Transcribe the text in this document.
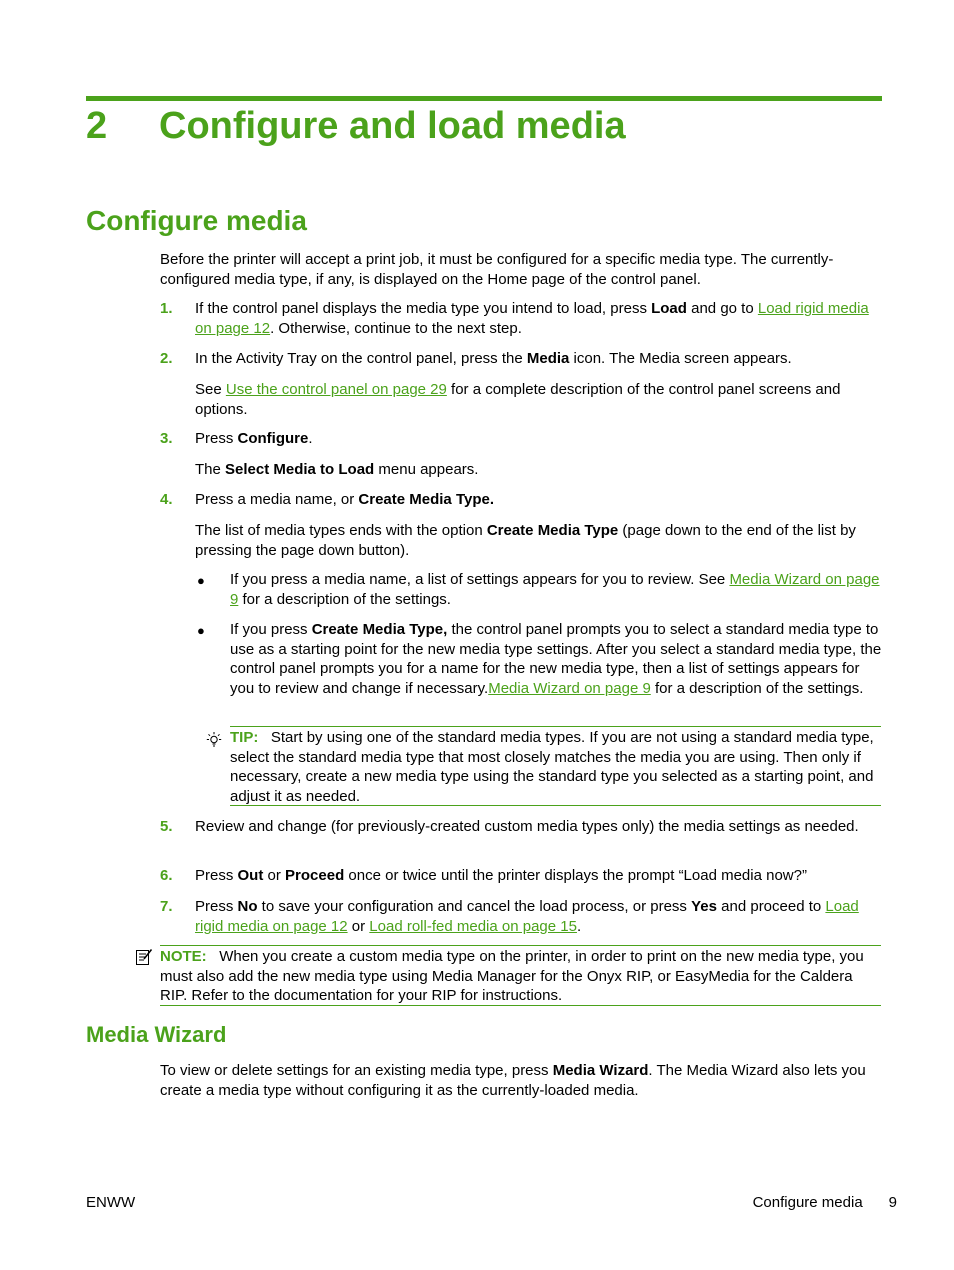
2 Configure and load media
Configure media
Before the printer will accept a print job, it must be configured for a specific media type. The currently-configured media type, if any, is displayed on the Home page of the control panel.
1. If the control panel displays the media type you intend to load, press Load and go to Load rigid media on page 12. Otherwise, continue to the next step.
2. In the Activity Tray on the control panel, press the Media icon. The Media screen appears.
See Use the control panel on page 29 for a complete description of the control panel screens and options.
3. Press Configure.
The Select Media to Load menu appears.
4. Press a media name, or Create Media Type.
The list of media types ends with the option Create Media Type (page down to the end of the list by pressing the page down button).
● If you press a media name, a list of settings appears for you to review. See Media Wizard on page 9 for a description of the settings.
● If you press Create Media Type, the control panel prompts you to select a standard media type to use as a starting point for the new media type settings. After you select a standard media type, the control panel prompts you for a name for the new media type, then a list of settings appears for you to review and change if necessary.Media Wizard on page 9 for a description of the settings.
TIP: Start by using one of the standard media types. If you are not using a standard media type, select the standard media type that most closely matches the media you are using. Then only if necessary, create a new media type using the standard type you selected as a starting point, and adjust it as needed.
5. Review and change (for previously-created custom media types only) the media settings as needed.
6. Press Out or Proceed once or twice until the printer displays the prompt “Load media now?”
7. Press No to save your configuration and cancel the load process, or press Yes and proceed to Load rigid media on page 12 or Load roll-fed media on page 15.
NOTE: When you create a custom media type on the printer, in order to print on the new media type, you must also add the new media type using Media Manager for the Onyx RIP, or EasyMedia for the Caldera RIP. Refer to the documentation for your RIP for instructions.
Media Wizard
To view or delete settings for an existing media type, press Media Wizard. The Media Wizard also lets you create a media type without configuring it as the currently-loaded media.
ENWW	Configure media 9
